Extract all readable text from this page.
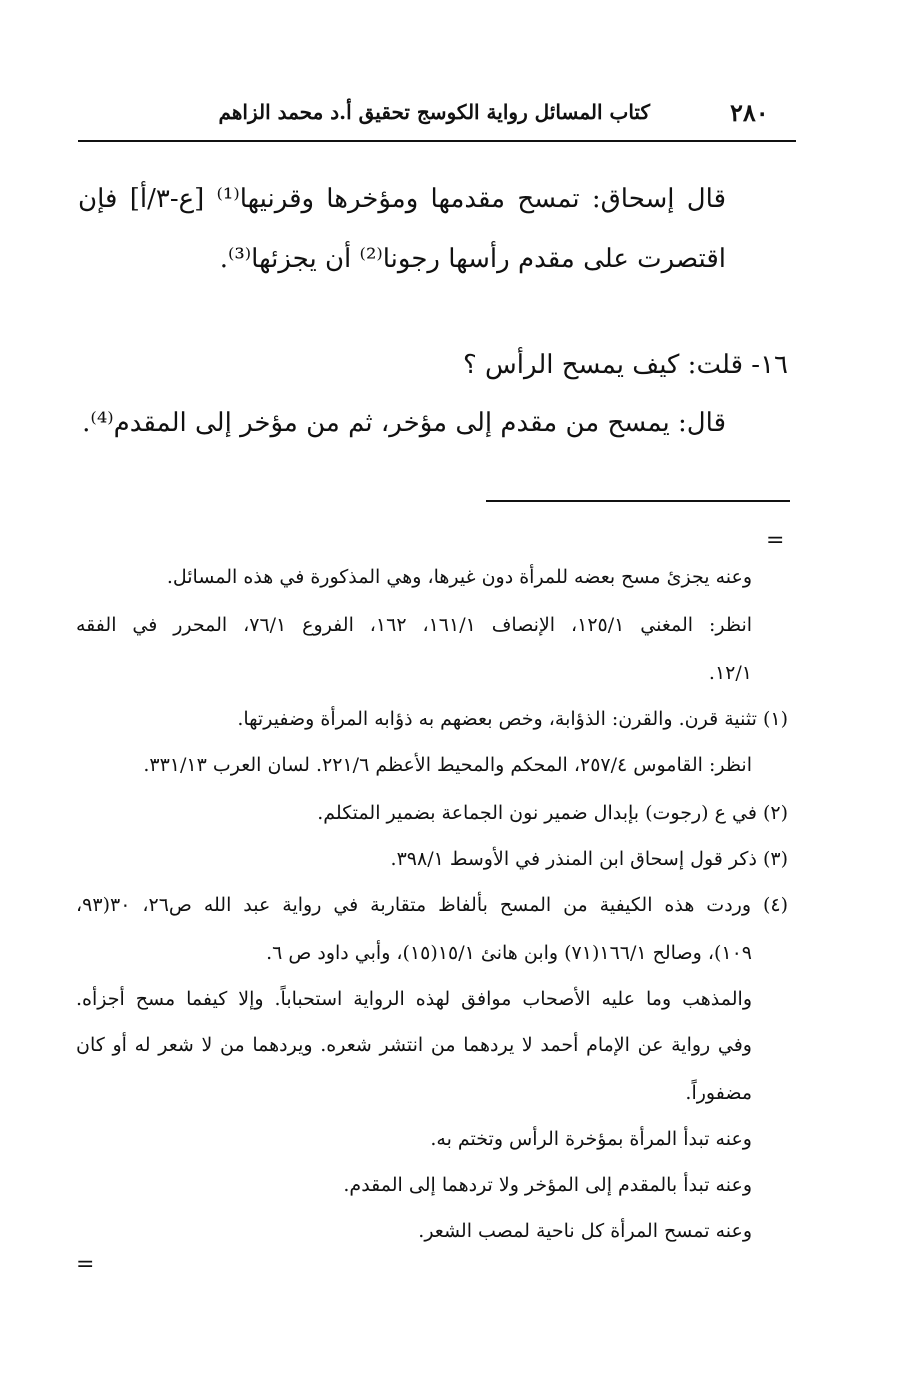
٢٨٠
كتاب المسائل رواية الكوسج تحقيق أ.د محمد الزاهم
قال إسحاق: تمسح مقدمها ومؤخرها وقرنيها⁽¹⁾ [ع-٣/أ] فإن
اقتصرت على مقدم رأسها رجونا⁽²⁾ أن يجزئها⁽³⁾.
١٦- قلت: كيف يمسح الرأس ؟
قال: يمسح من مقدم إلى مؤخر، ثم من مؤخر إلى المقدم⁽⁴⁾.
=
وعنه يجزئ مسح بعضه للمرأة دون غيرها، وهي المذكورة في هذه المسائل.
انظر: المغني ١٢٥/١، الإنصاف ١٦١/١، ١٦٢، الفروع ٧٦/١، المحرر في الفقه
١٢/١.
(١) تثنية قرن. والقرن: الذؤابة، وخص بعضهم به ذؤابه المرأة وضفيرتها.
انظر: القاموس ٢٥٧/٤، المحكم والمحيط الأعظم ٢٢١/٦. لسان العرب ٣٣١/١٣.
(٢) في ع (رجوت) بإبدال ضمير نون الجماعة بضمير المتكلم.
(٣) ذكر قول إسحاق ابن المنذر في الأوسط ٣٩٨/١.
(٤) وردت هذه الكيفية من المسح بألفاظ متقاربة في رواية عبد الله ص٢٦، ٣٠(٩٣،
١٠٩)، وصالح ١٦٦/١(٧١) وابن هانئ ١٥/١(١٥)، وأبي داود ص ٦.
والمذهب وما عليه الأصحاب موافق لهذه الرواية استحباباً. وإلا كيفما مسح أجزأه.
وفي رواية عن الإمام أحمد لا يردهما من انتشر شعره. ويردهما من لا شعر له أو كان
مضفوراً.
وعنه تبدأ المرأة بمؤخرة الرأس وتختم به.
وعنه تبدأ بالمقدم إلى المؤخر ولا تردهما إلى المقدم.
وعنه تمسح المرأة كل ناحية لمصب الشعر.
=
